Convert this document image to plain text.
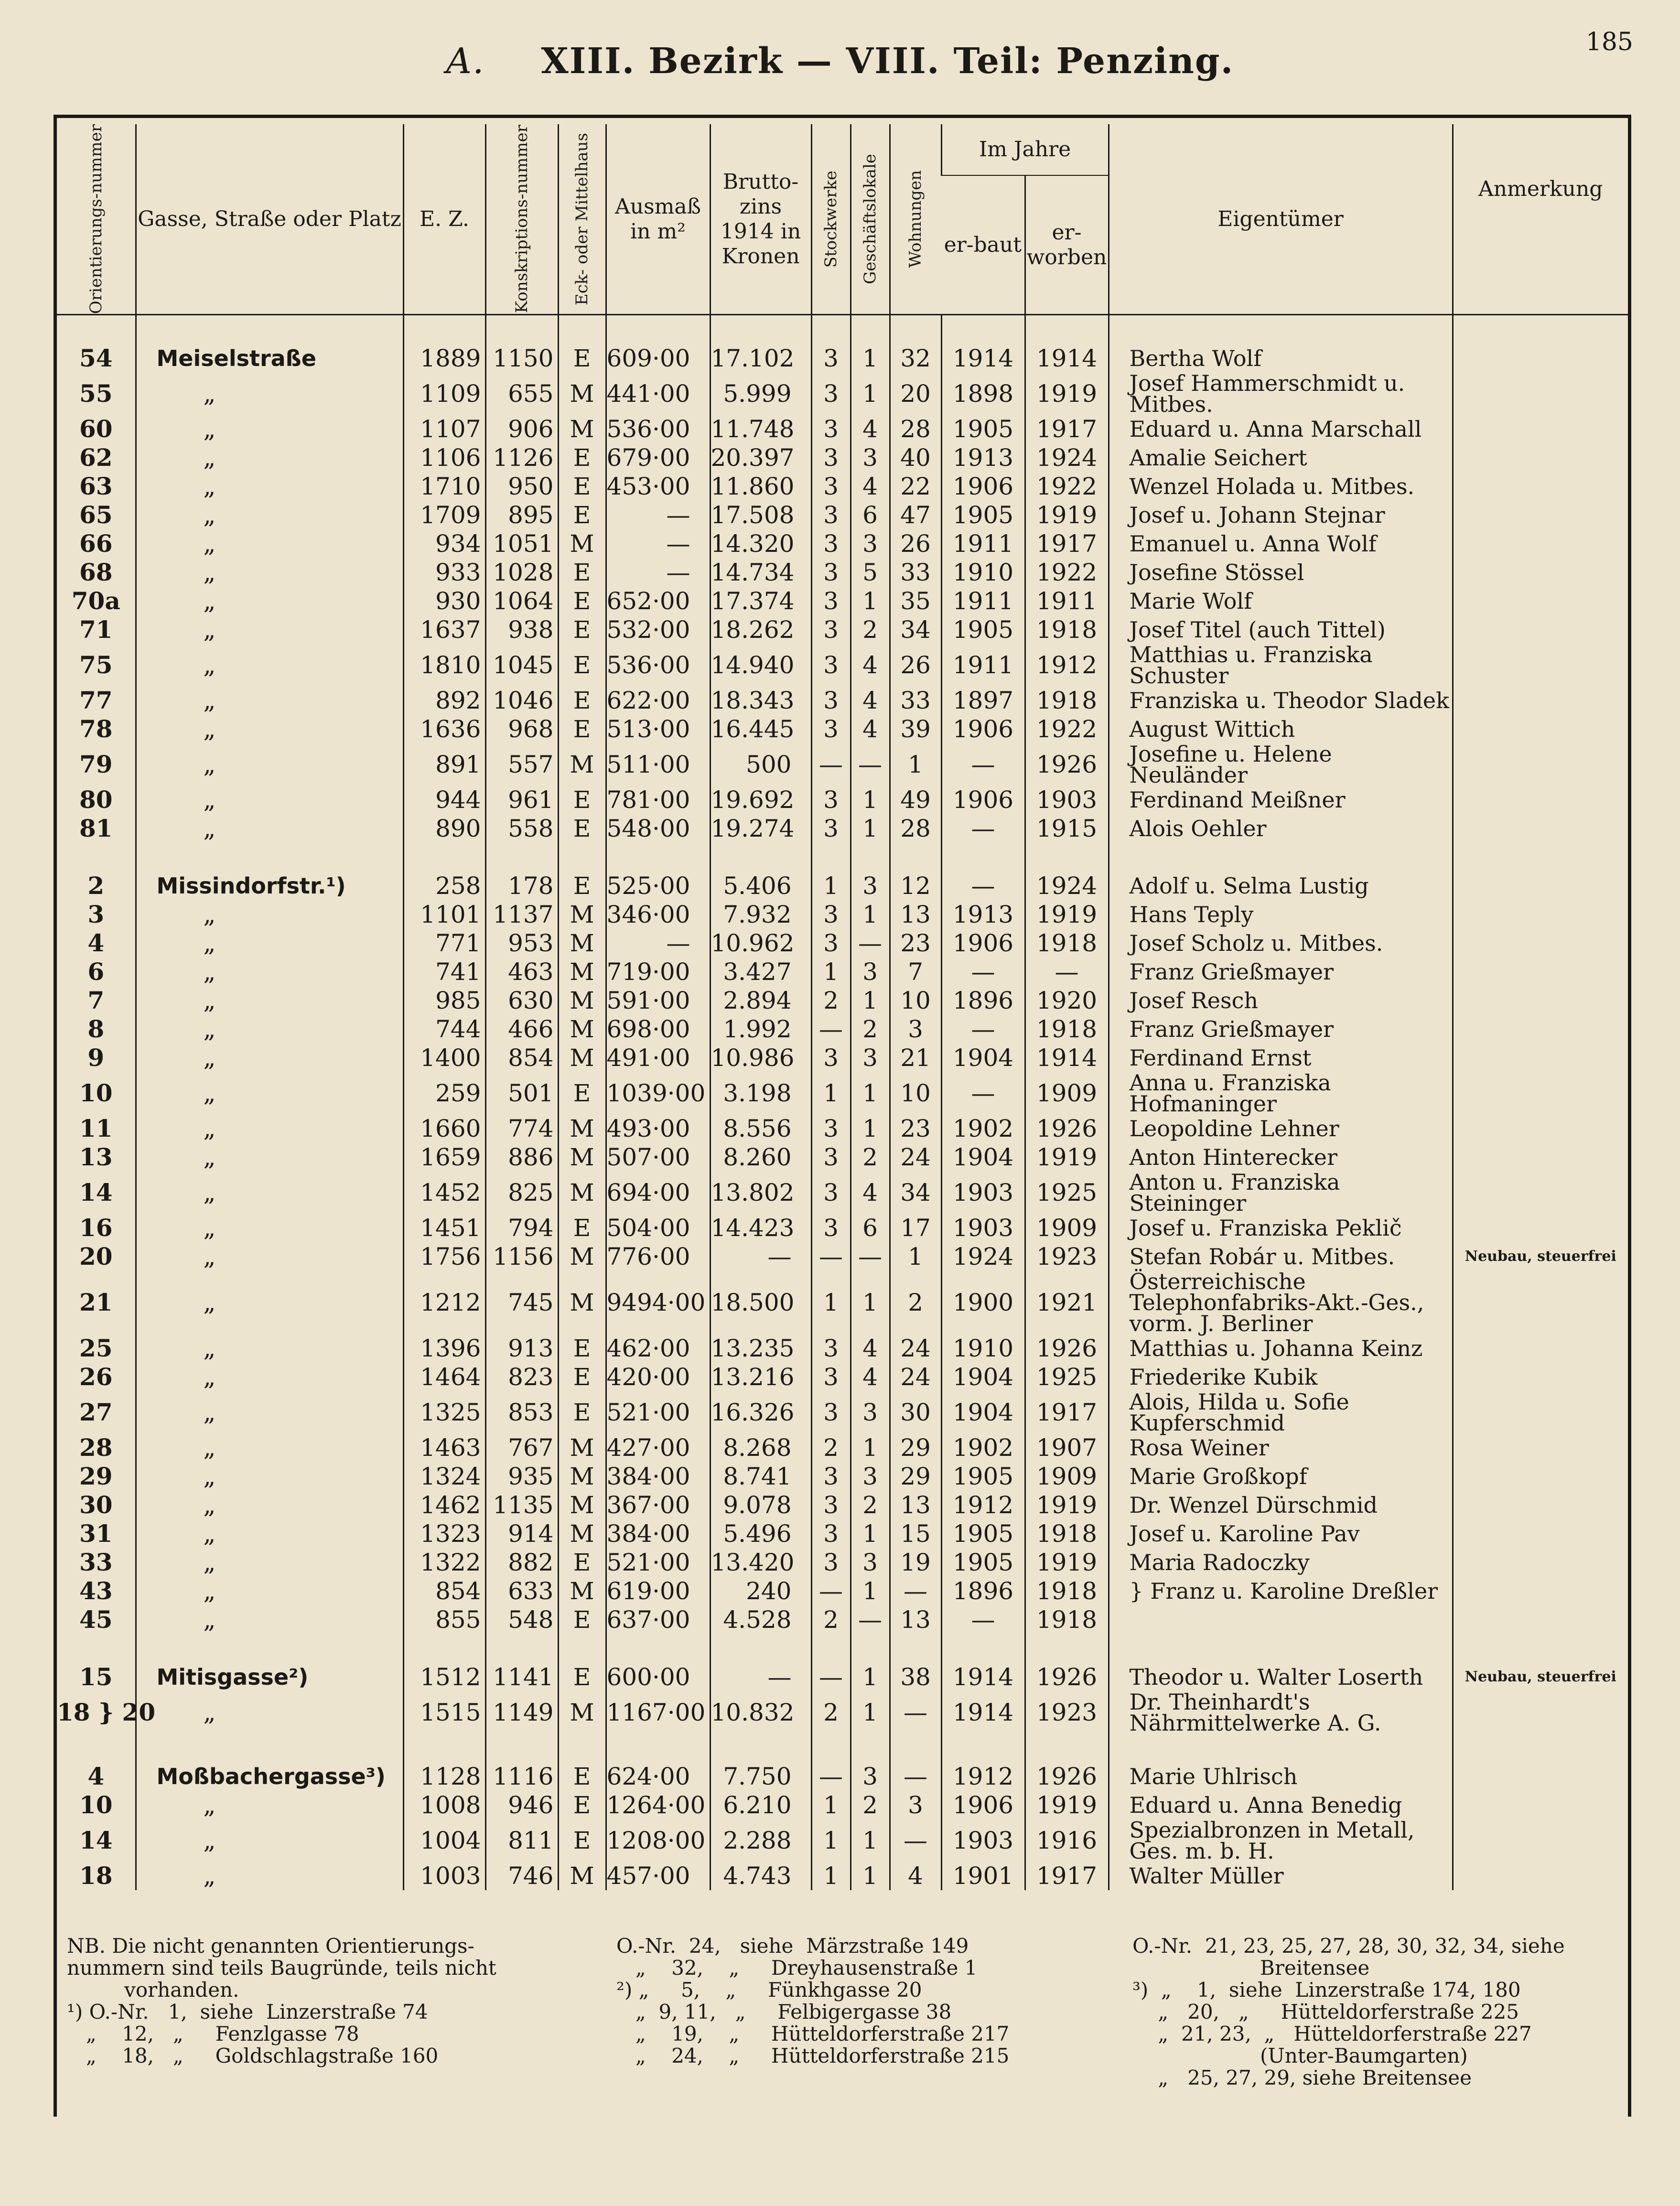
185
A. XIII. Bezirk — VIII. Teil: Penzing.
Orientierungs-nummer	Gasse, Straße oder Platz	E. Z.	Konskriptions-nummer	Eck- oder Mittelhaus	Ausmaß in m²	Brutto-zins 1914 in Kronen	Stockwerke	Geschäftslokale	Wohnungen	Im Jahre		Eigentümer	Anmerkung
										er-baut	er-worben		

54	Meiselstraße	1889	1150	E	609·00	17.102	3	1	32	1914	1914	Bertha Wolf	
55	„	1109	655	M	441·00	5.999	3	1	20	1898	1919	Josef Hammerschmidt u. Mitbes.	
60	„	1107	906	M	536·00	11.748	3	4	28	1905	1917	Eduard u. Anna Marschall	
62	„	1106	1126	E	679·00	20.397	3	3	40	1913	1924	Amalie Seichert	
63	„	1710	950	E	453·00	11.860	3	4	22	1906	1922	Wenzel Holada u. Mitbes.	
65	„	1709	895	E	—	17.508	3	6	47	1905	1919	Josef u. Johann Stejnar	
66	„	934	1051	M	—	14.320	3	3	26	1911	1917	Emanuel u. Anna Wolf	
68	„	933	1028	E	—	14.734	3	5	33	1910	1922	Josefine Stössel	
70a	„	930	1064	E	652·00	17.374	3	1	35	1911	1911	Marie Wolf	
71	„	1637	938	E	532·00	18.262	3	2	34	1905	1918	Josef Titel (auch Tittel)	
75	„	1810	1045	E	536·00	14.940	3	4	26	1911	1912	Matthias u. Franziska Schuster	
77	„	892	1046	E	622·00	18.343	3	4	33	1897	1918	Franziska u. Theodor Sladek	
78	„	1636	968	E	513·00	16.445	3	4	39	1906	1922	August Wittich	
79	„	891	557	M	511·00	500	—	—	1	—	1926	Josefine u. Helene Neuländer	
80	„	944	961	E	781·00	19.692	3	1	49	1906	1903	Ferdinand Meißner	
81	„	890	558	E	548·00	19.274	3	1	28	—	1915	Alois Oehler	

2	Missindorfstr.¹)	258	178	E	525·00	5.406	1	3	12	—	1924	Adolf u. Selma Lustig	
3	„	1101	1137	M	346·00	7.932	3	1	13	1913	1919	Hans Teply	
4	„	771	953	M	—	10.962	3	—	23	1906	1918	Josef Scholz u. Mitbes.	
6	„	741	463	M	719·00	3.427	1	3	7	—	—	Franz Grießmayer	
7	„	985	630	M	591·00	2.894	2	1	10	1896	1920	Josef Resch	
8	„	744	466	M	698·00	1.992	—	2	3	—	1918	Franz Grießmayer	
9	„	1400	854	M	491·00	10.986	3	3	21	1904	1914	Ferdinand Ernst	
10	„	259	501	E	1039·00	3.198	1	1	10	—	1909	Anna u. Franziska Hofmaninger	
11	„	1660	774	M	493·00	8.556	3	1	23	1902	1926	Leopoldine Lehner	
13	„	1659	886	M	507·00	8.260	3	2	24	1904	1919	Anton Hinterecker	
14	„	1452	825	M	694·00	13.802	3	4	34	1903	1925	Anton u. Franziska Steininger	
16	„	1451	794	E	504·00	14.423	3	6	17	1903	1909	Josef u. Franziska Peklič	
20	„	1756	1156	M	776·00	—	—	—	1	1924	1923	Stefan Robár u. Mitbes.	Neubau, steuerfrei
21	„	1212	745	M	9494·00	18.500	1	1	2	1900	1921	Österreichische Telephonfabriks-Akt.-Ges., vorm. J. Berliner	
25	„	1396	913	E	462·00	13.235	3	4	24	1910	1926	Matthias u. Johanna Keinz	
26	„	1464	823	E	420·00	13.216	3	4	24	1904	1925	Friederike Kubik	
27	„	1325	853	E	521·00	16.326	3	3	30	1904	1917	Alois, Hilda u. Sofie Kupferschmid	
28	„	1463	767	M	427·00	8.268	2	1	29	1902	1907	Rosa Weiner	
29	„	1324	935	M	384·00	8.741	3	3	29	1905	1909	Marie Großkopf	
30	„	1462	1135	M	367·00	9.078	3	2	13	1912	1919	Dr. Wenzel Dürschmid	
31	„	1323	914	M	384·00	5.496	3	1	15	1905	1918	Josef u. Karoline Pav	
33	„	1322	882	E	521·00	13.420	3	3	19	1905	1919	Maria Radoczky	
43	„	854	633	M	619·00	240	—	1	—	1896	1918	} Franz u. Karoline Dreßler	
45	„	855	548	E	637·00	4.528	2	—	13	—	1918		

15	Mitisgasse²)	1512	1141	E	600·00	—	—	1	38	1914	1926	Theodor u. Walter Loserth	Neubau, steuerfrei
18 } 20	„	1515	1149	M	1167·00	10.832	2	1	—	1914	1923	Dr. Theinhardt's Nährmittelwerke A. G.	

4	Moßbachergasse³)	1128	1116	E	624·00	7.750	—	3	—	1912	1926	Marie Uhlrisch	
10	„	1008	946	E	1264·00	6.210	1	2	3	1906	1919	Eduard u. Anna Benedig	
14	„	1004	811	E	1208·00	2.288	1	1	—	1903	1916	Spezialbronzen in Metall, Ges. m. b. H.	
18	„	1003	746	M	457·00	4.743	1	1	4	1901	1917	Walter Müller	
NB. Die nicht genannten Orientierungs-
nummern sind teils Baugründe, teils nicht
vorhanden.
¹) O.-Nr.   1,  siehe  Linzerstraße 74
„    12,   „     Fenzlgasse 78
„    18,   „     Goldschlagstraße 160
O.-Nr.  24,   siehe  Märzstraße 149
„    32,    „     Dreyhausenstraße 1
²) „     5,    „     Fünkhgasse 20
„  9, 11,   „     Felbigergasse 38
„    19,    „     Hütteldorferstraße 217
„    24,    „     Hütteldorferstraße 215
O.-Nr.  21, 23, 25, 27, 28, 30, 32, 34, siehe
Breitensee
³)  „    1,  siehe  Linzerstraße 174, 180
„   20,   „     Hütteldorferstraße 225
„  21, 23,  „   Hütteldorferstraße 227
(Unter-Baumgarten)
„   25, 27, 29, siehe Breitensee
